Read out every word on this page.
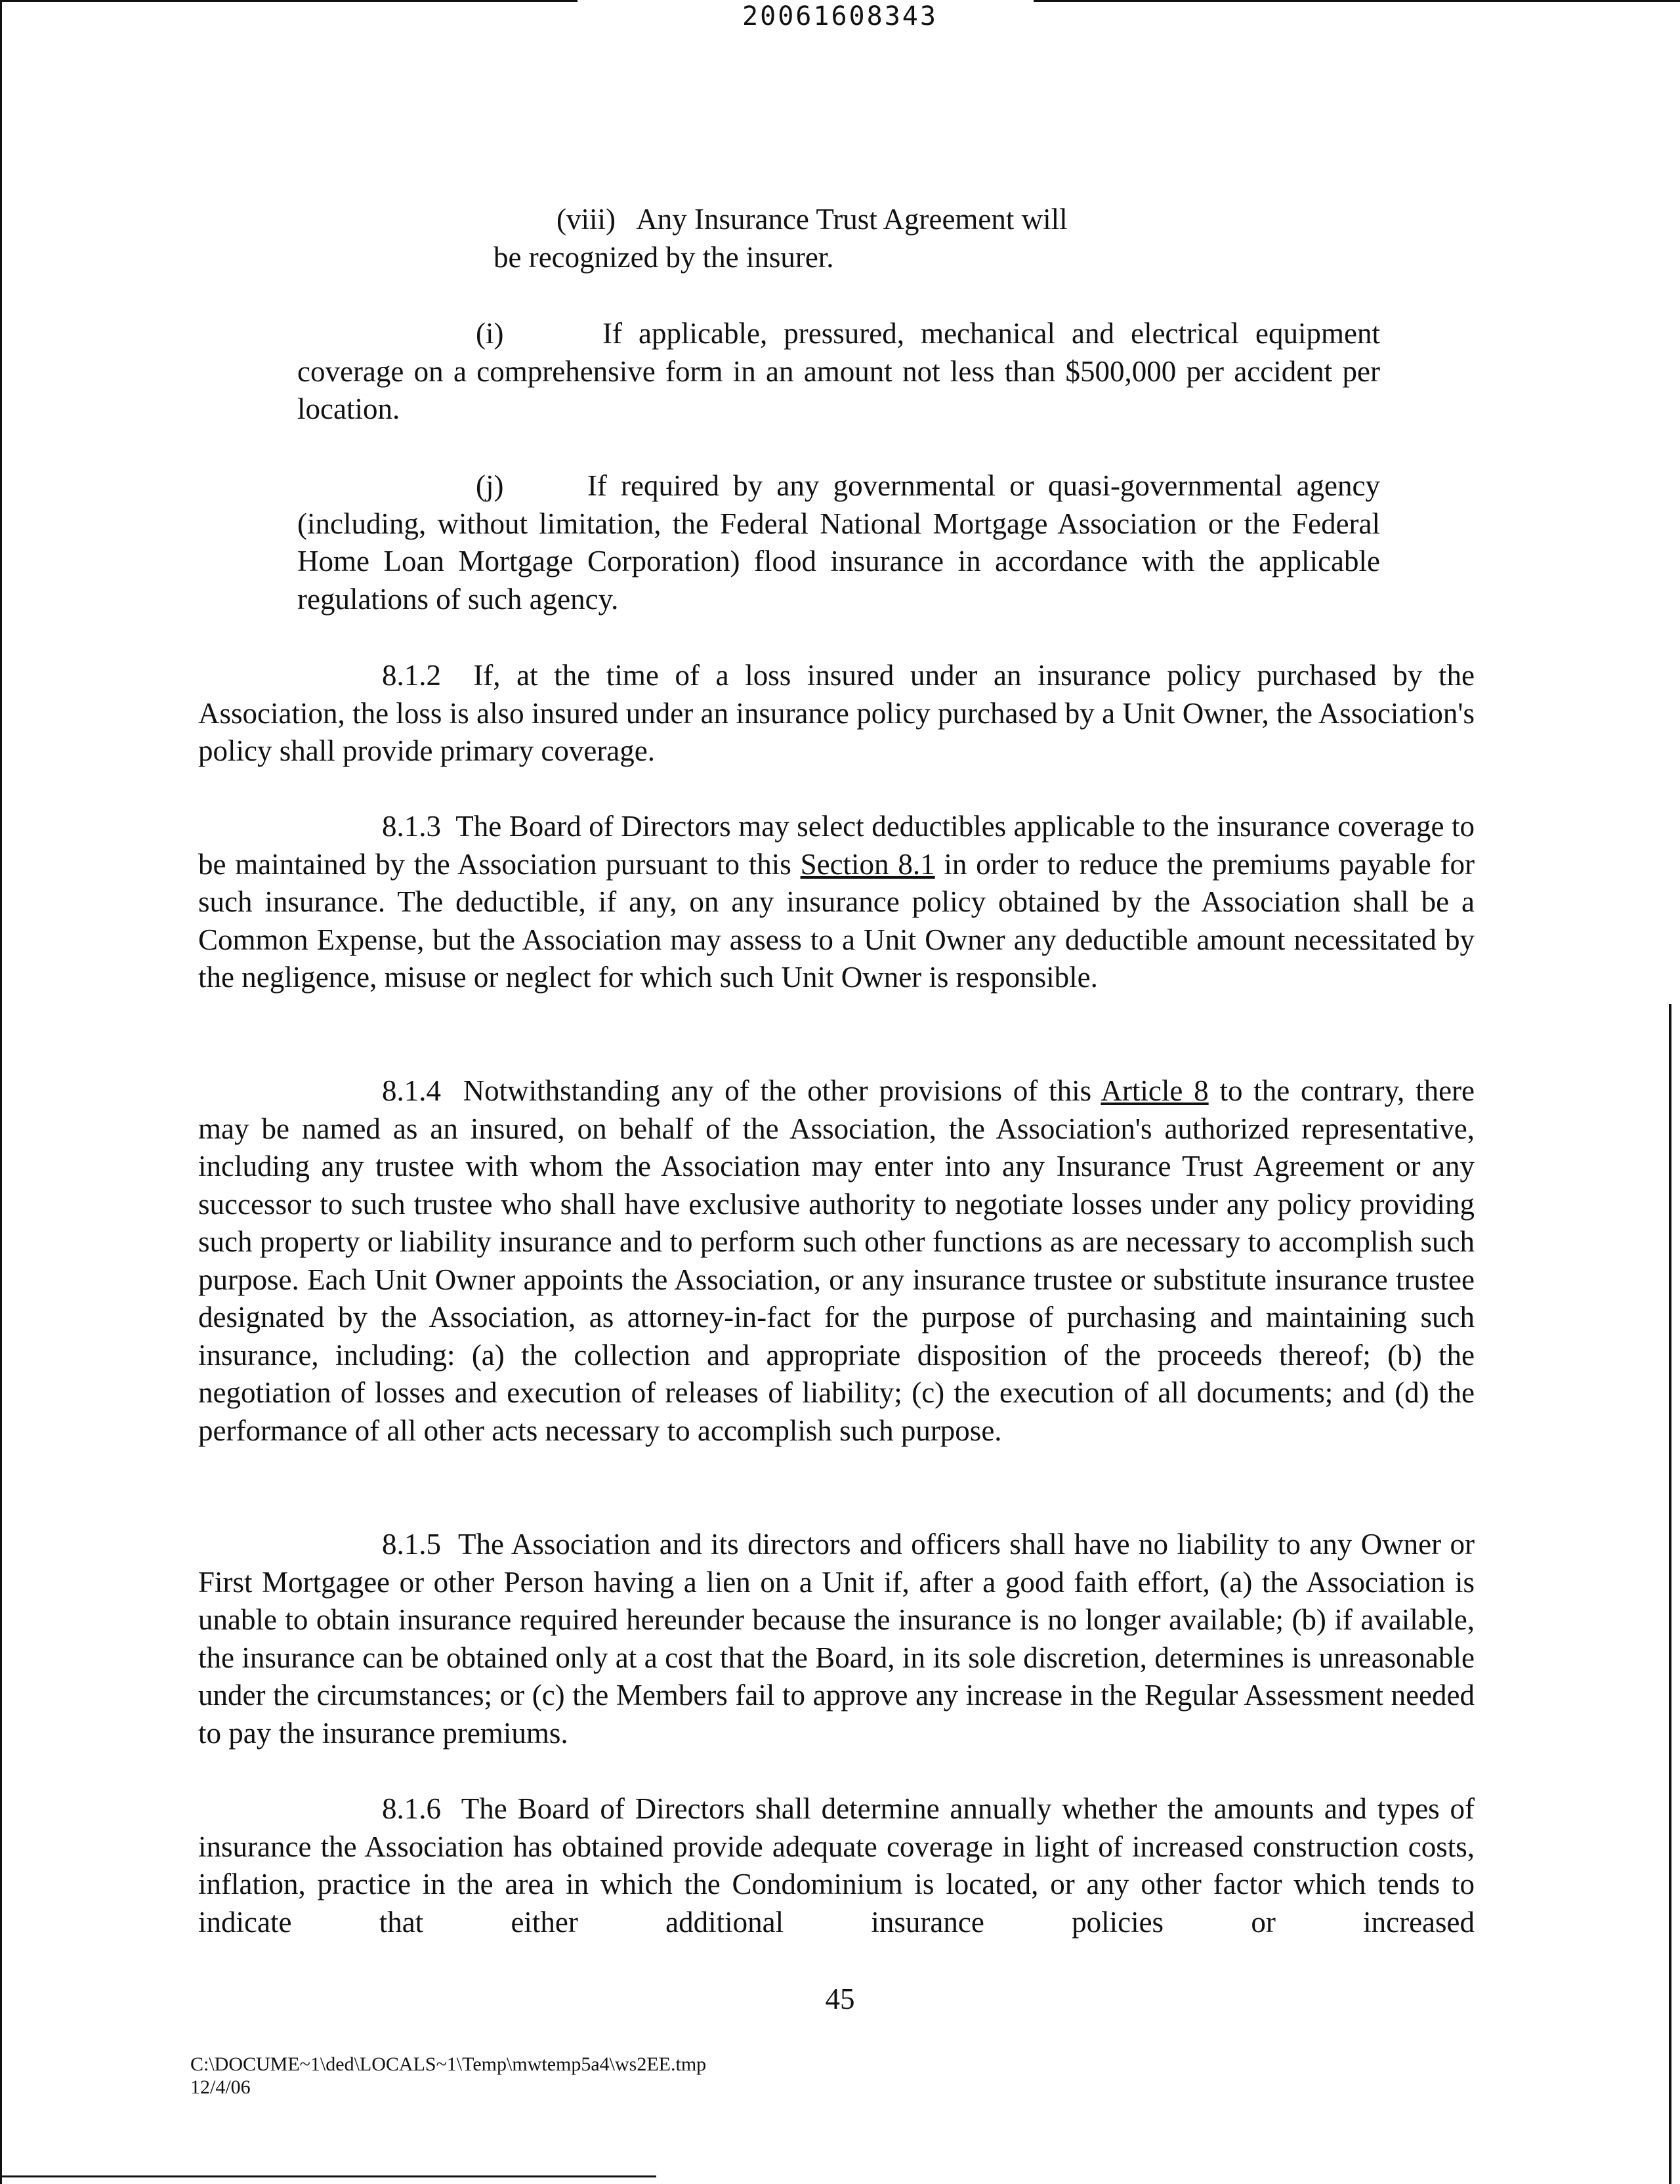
20061608343

(viii)   Any Insurance Trust Agreement will

be recognized by the insurer.

(i)      If applicable, pressured, mechanical and electrical equipment coverage on a comprehensive form in an amount not less than $500,000 per accident per location.

(j)      If required by any governmental or quasi-governmental agency (including, without limitation, the Federal National Mortgage Association or the Federal Home Loan Mortgage Corporation) flood insurance in accordance with the applicable regulations of such agency.

8.1.2  If, at the time of a loss insured under an insurance policy purchased by the Association, the loss is also insured under an insurance policy purchased by a Unit Owner, the Association's policy shall provide primary coverage.

8.1.3  The Board of Directors may select deductibles applicable to the insurance coverage to be maintained by the Association pursuant to this Section 8.1 in order to reduce the premiums payable for such insurance. The deductible, if any, on any insurance policy obtained by the Association shall be a Common Expense, but the Association may assess to a Unit Owner any deductible amount necessitated by the negligence, misuse or neglect for which such Unit Owner is responsible.

8.1.4  Notwithstanding any of the other provisions of this Article 8 to the contrary, there may be named as an insured, on behalf of the Association, the Association's authorized representative, including any trustee with whom the Association may enter into any Insurance Trust Agreement or any successor to such trustee who shall have exclusive authority to negotiate losses under any policy providing such property or liability insurance and to perform such other functions as are necessary to accomplish such purpose. Each Unit Owner appoints the Association, or any insurance trustee or substitute insurance trustee designated by the Association, as attorney-in-fact for the purpose of purchasing and maintaining such insurance, including: (a) the collection and appropriate disposition of the proceeds thereof; (b) the negotiation of losses and execution of releases of liability; (c) the execution of all documents; and (d) the performance of all other acts necessary to accomplish such purpose.

8.1.5  The Association and its directors and officers shall have no liability to any Owner or First Mortgagee or other Person having a lien on a Unit if, after a good faith effort, (a) the Association is unable to obtain insurance required hereunder because the insurance is no longer available; (b) if available, the insurance can be obtained only at a cost that the Board, in its sole discretion, determines is unreasonable under the circumstances; or (c) the Members fail to approve any increase in the Regular Assessment needed to pay the insurance premiums.

8.1.6  The Board of Directors shall determine annually whether the amounts and types of insurance the Association has obtained provide adequate coverage in light of increased construction costs, inflation, practice in the area in which the Condominium is located, or any other factor which tends to indicate that either additional insurance policies or increased

45
C:\DOCUME~1\ded\LOCALS~1\Temp\mwtemp5a4\ws2EE.tmp
12/4/06
